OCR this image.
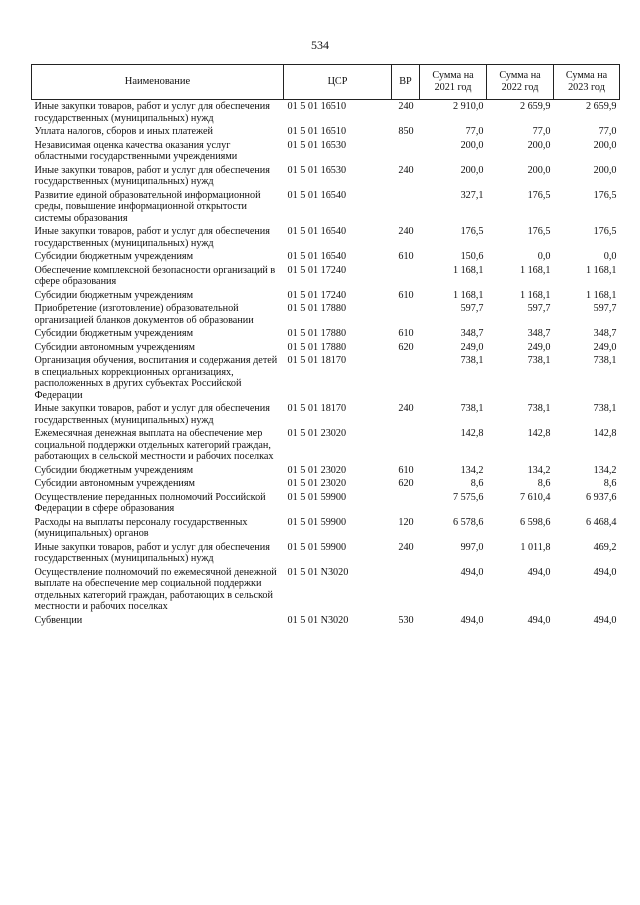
534
Наименование	ЦСР	ВР	Сумма на 2021 год	Сумма на 2022 год	Сумма на 2023 год
Иные закупки товаров, работ и услуг для обеспечения государственных (муниципальных) нужд	01 5 01 16510	240	2 910,0	2 659,9	2 659,9
Уплата налогов, сборов и иных платежей	01 5 01 16510	850	77,0	77,0	77,0
Независимая оценка качества оказания услуг областными государственными учреждениями	01 5 01 16530		200,0	200,0	200,0
Иные закупки товаров, работ и услуг для обеспечения государственных (муниципальных) нужд	01 5 01 16530	240	200,0	200,0	200,0
Развитие единой образовательной информационной среды, повышение информационной открытости системы образования	01 5 01 16540		327,1	176,5	176,5
Иные закупки товаров, работ и услуг для обеспечения государственных (муниципальных) нужд	01 5 01 16540	240	176,5	176,5	176,5
Субсидии бюджетным учреждениям	01 5 01 16540	610	150,6	0,0	0,0
Обеспечение комплексной безопасности организаций в сфере образования	01 5 01 17240		1 168,1	1 168,1	1 168,1
Субсидии бюджетным учреждениям	01 5 01 17240	610	1 168,1	1 168,1	1 168,1
Приобретение (изготовление) образовательной организацией бланков документов об образовании	01 5 01 17880		597,7	597,7	597,7
Субсидии бюджетным учреждениям	01 5 01 17880	610	348,7	348,7	348,7
Субсидии автономным учреждениям	01 5 01 17880	620	249,0	249,0	249,0
Организация обучения, воспитания и содержания детей в специальных коррекционных организациях, расположенных в других субъектах Российской Федерации	01 5 01 18170		738,1	738,1	738,1
Иные закупки товаров, работ и услуг для обеспечения государственных (муниципальных) нужд	01 5 01 18170	240	738,1	738,1	738,1
Ежемесячная денежная выплата на обеспечение мер социальной поддержки отдельных категорий граждан, работающих в сельской местности и рабочих поселках	01 5 01 23020		142,8	142,8	142,8
Субсидии бюджетным учреждениям	01 5 01 23020	610	134,2	134,2	134,2
Субсидии автономным учреждениям	01 5 01 23020	620	8,6	8,6	8,6
Осуществление переданных полномочий Российской Федерации в сфере образования	01 5 01 59900		7 575,6	7 610,4	6 937,6
Расходы на выплаты персоналу государственных (муниципальных) органов	01 5 01 59900	120	6 578,6	6 598,6	6 468,4
Иные закупки товаров, работ и услуг для обеспечения государственных (муниципальных) нужд	01 5 01 59900	240	997,0	1 011,8	469,2
Осуществление полномочий по ежемесячной денежной выплате на обеспечение мер социальной поддержки отдельных категорий граждан, работающих в сельской местности и рабочих поселках	01 5 01 N3020		494,0	494,0	494,0
Субвенции	01 5 01 N3020	530	494,0	494,0	494,0
